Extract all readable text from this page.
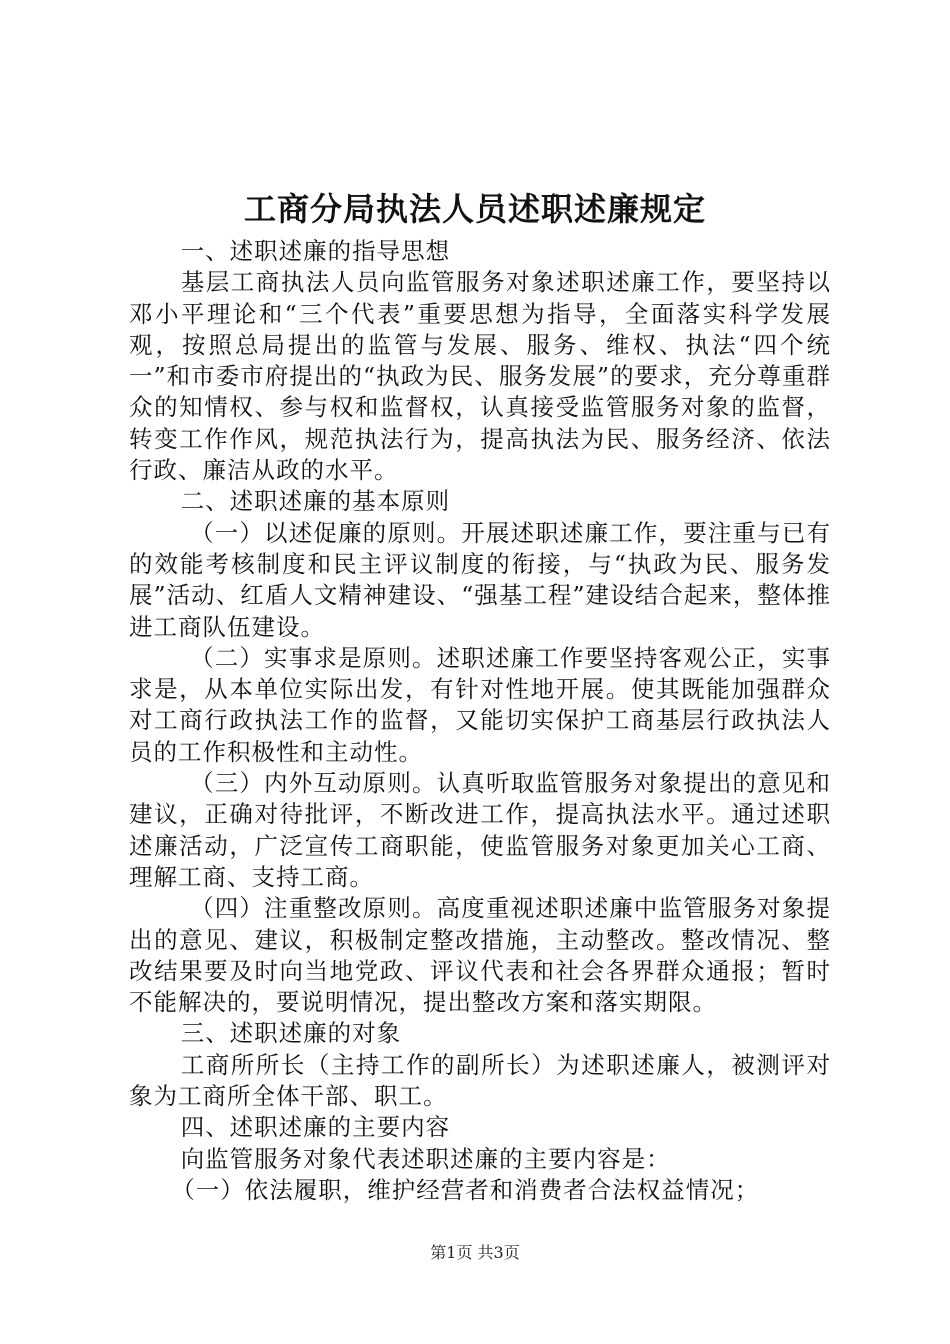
工商分局执法人员述职述廉规定

一、述职述廉的指导思想

基层工商执法人员向监管服务对象述职述廉工作，要坚持以邓小平理论和“三个代表”重要思想为指导，全面落实科学发展观，按照总局提出的监管与发展、服务、维权、执法“四个统一”和市委市府提出的“执政为民、服务发展”的要求，充分尊重群众的知情权、参与权和监督权，认真接受监管服务对象的监督，转变工作作风，规范执法行为，提高执法为民、服务经济、依法行政、廉洁从政的水平。

二、述职述廉的基本原则

（一）以述促廉的原则。开展述职述廉工作，要注重与已有的效能考核制度和民主评议制度的衔接，与“执政为民、服务发展”活动、红盾人文精神建设、“强基工程”建设结合起来，整体推进工商队伍建设。

（二）实事求是原则。述职述廉工作要坚持客观公正，实事求是，从本单位实际出发，有针对性地开展。使其既能加强群众对工商行政执法工作的监督，又能切实保护工商基层行政执法人员的工作积极性和主动性。

（三）内外互动原则。认真听取监管服务对象提出的意见和建议，正确对待批评，不断改进工作，提高执法水平。通过述职述廉活动，广泛宣传工商职能，使监管服务对象更加关心工商、理解工商、支持工商。

（四）注重整改原则。高度重视述职述廉中监管服务对象提出的意见、建议，积极制定整改措施，主动整改。整改情况、整改结果要及时向当地党政、评议代表和社会各界群众通报；暂时不能解决的，要说明情况，提出整改方案和落实期限。

三、述职述廉的对象

工商所所长（主持工作的副所长）为述职述廉人，被测评对象为工商所全体干部、职工。

四、述职述廉的主要内容

向监管服务对象代表述职述廉的主要内容是：

（一）依法履职，维护经营者和消费者合法权益情况；

第1页 共3页
